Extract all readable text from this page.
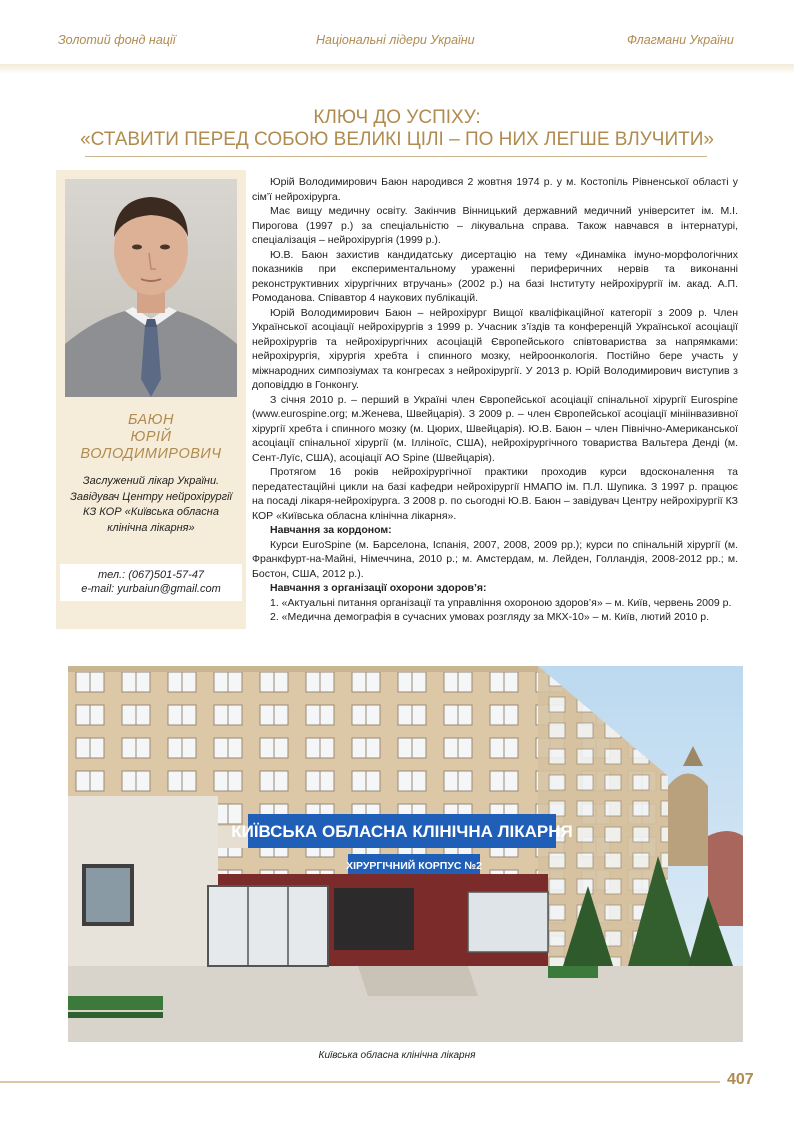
Золотий фонд нації	Національні лідери України	Флагмани України
КЛЮЧ ДО УСПІХУ:
«СТАВИТИ ПЕРЕД СОБОЮ ВЕЛИКІ ЦІЛІ – ПО НИХ ЛЕГШЕ ВЛУЧИТИ»
БАЮН
ЮРІЙ
ВОЛОДИМИРОВИЧ
Заслужений лікар України.
Завідувач Центру нейрохірургії
КЗ КОР «Київська обласна
клінічна лікарня»
тел.: (067)501-57-47
e-mail: yurbaiun@gmail.com

Юрій Володимирович Баюн народився 2 жовтня 1974 р. у м. Костопіль Рівненської області у сім’ї нейрохірурга.

Має вищу медичну освіту. Закінчив Вінницький державний медичний університет ім. М.І. Пирогова (1997 р.) за спеціальністю – лікувальна справа. Також навчався в інтернатурі, спеціалізація – нейрохірургія (1999 р.).

Ю.В. Баюн захистив кандидатську дисертацію на тему «Динаміка імуно-морфологічних показників при експериментальному ураженні периферичних нервів та виконанні реконструктивних хірургічних втручань» (2002 р.) на базі Інституту нейрохірургії ім. акад. А.П. Ромоданова. Співавтор 4 наукових публікацій.

Юрій Володимирович Баюн – нейрохірург Вищої кваліфікаційної категорії з 2009 р. Член Української асоціації нейрохірургів з 1999 р. Учасник з’їздів та конференцій Української асоціації нейрохірургів та нейрохірургічних асоціацій Європейського співтовариства за напрямками: нейрохірургія, хірургія хребта і спинного мозку, нейроонкологія. Постійно бере участь у міжнародних симпозіумах та конгресах з нейрохірургії. У 2013 р. Юрій Володимирович виступив з доповіддю в Гонконгу.

З січня 2010 р. – перший в Україні член Європейської асоціації спінальної хірургії Eurospine (www.eurospine.org; м.Женева, Швейцарія). З 2009 р. – член Європейської асоціації мініінвазивної хірургії хребта і спинного мозку (м. Цюрих, Швейцарія). Ю.В. Баюн – член Північно-Американської асоціації спінальної хірургії (м. Ілліноїс, США), нейрохірургічного товариства Вальтера Денді (м. Сент-Луїс, США), асоціації АО Spine (Швейцарія).

Протягом 16 років нейрохірургічної практики проходив курси вдосконалення та передатестаційні цикли на базі кафедри нейрохірургії НМАПО ім. П.Л. Шупика. З 1997 р. працює на посаді лікаря-нейрохірурга. З 2008 р. по сьогодні Ю.В. Баюн – завідувач Центру нейрохірургії КЗ КОР «Київська обласна клінічна лікарня».

Навчання за кордоном:

Курси EuroSpine (м. Барселона, Іспанія, 2007, 2008, 2009 рр.); курси по спінальній хірургії (м. Франкфурт-на-Майні, Німеччина, 2010 р.; м. Амстердам, м. Лейден, Голландія, 2008-2012 рр.; м. Бостон, США, 2012 р.).

Навчання з організації охорони здоров’я:

1. «Актуальні питання організації та управління охороною здоров’я» – м. Київ, червень 2009 р.

2. «Медична демографія в сучасних умовах розгляду за МКХ-10» – м. Київ, лютий 2010 р.

КИЇВСЬКА ОБЛАСНА КЛІНІЧНА ЛІКАРНЯ
ХІРУРГІЧНИЙ КОРПУС №2
Київська обласна клінічна лікарня
407
